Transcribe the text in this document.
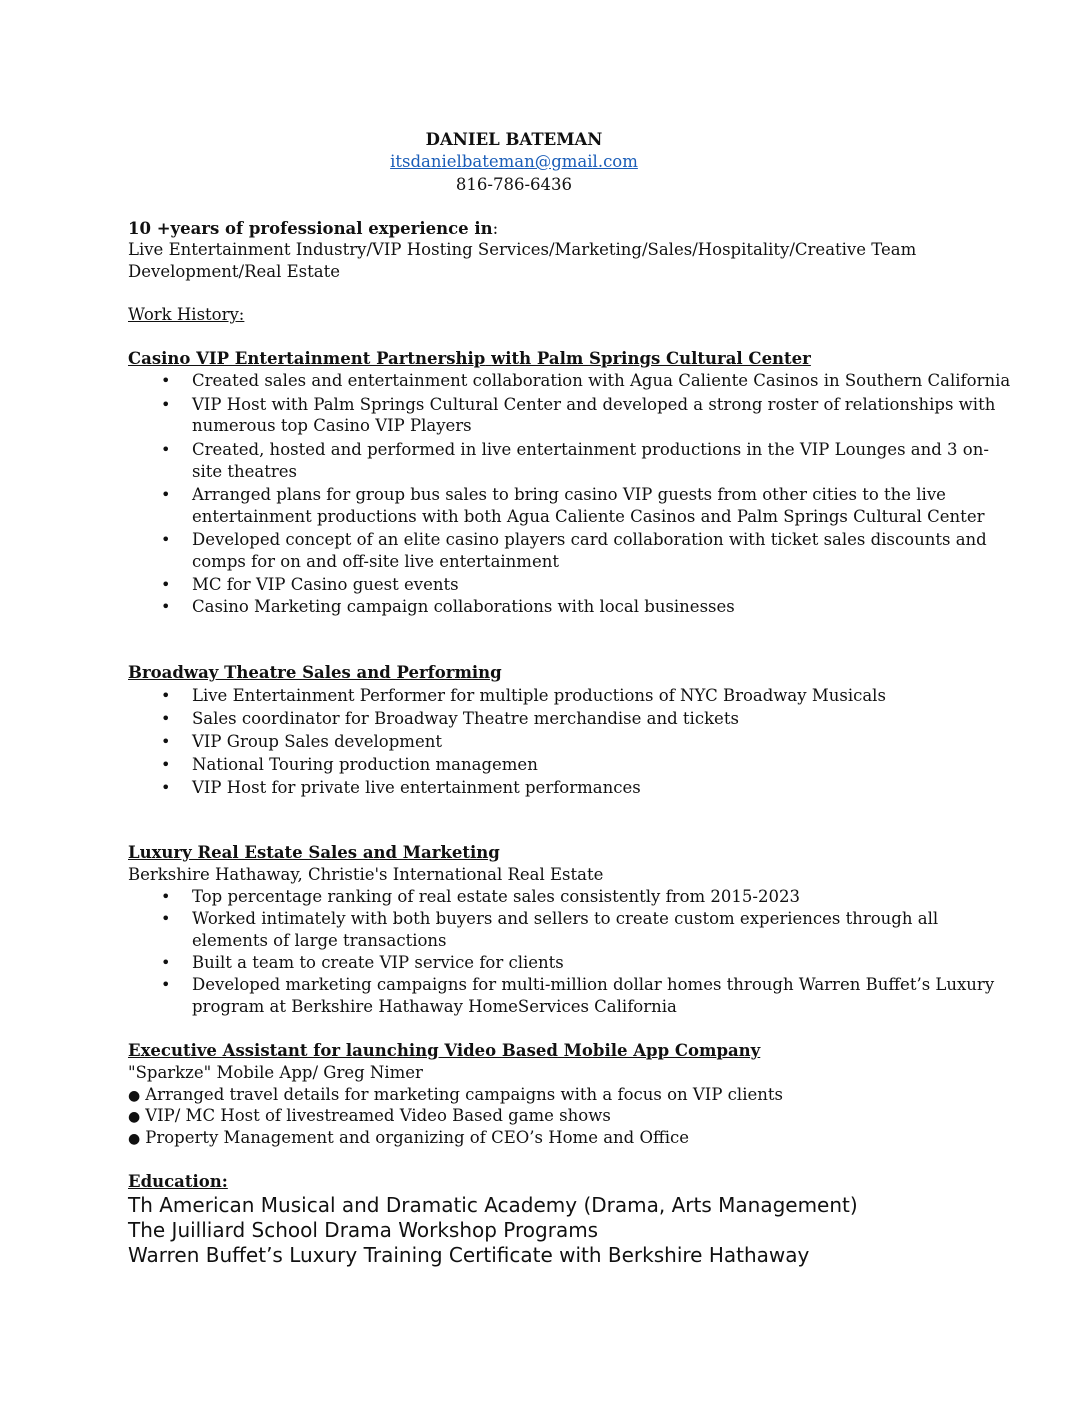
DANIEL BATEMAN
itsdanielbateman@gmail.com
816-786-6436
10 +years of professional experience in:
Live Entertainment Industry/VIP Hosting Services/Marketing/Sales/Hospitality/Creative Team
Development/Real Estate
Work History:
Casino VIP Entertainment Partnership with Palm Springs Cultural Center
• Created sales and entertainment collaboration with Agua Caliente Casinos in Southern California
• VIP Host with Palm Springs Cultural Center and developed a strong roster of relationships with
numerous top Casino VIP Players
• Created, hosted and performed in live entertainment productions in the VIP Lounges and 3 on-
site theatres
• Arranged plans for group bus sales to bring casino VIP guests from other cities to the live
entertainment productions with both Agua Caliente Casinos and Palm Springs Cultural Center
• Developed concept of an elite casino players card collaboration with ticket sales discounts and
comps for on and off-site live entertainment
• MC for VIP Casino guest events
• Casino Marketing campaign collaborations with local businesses
Broadway Theatre Sales and Performing
• Live Entertainment Performer for multiple productions of NYC Broadway Musicals
• Sales coordinator for Broadway Theatre merchandise and tickets
• VIP Group Sales development
• National Touring production managemen
• VIP Host for private live entertainment performances
Luxury Real Estate Sales and Marketing
Berkshire Hathaway, Christie's International Real Estate
• Top percentage ranking of real estate sales consistently from 2015-2023
• Worked intimately with both buyers and sellers to create custom experiences through all
elements of large transactions
• Built a team to create VIP service for clients
• Developed marketing campaigns for multi-million dollar homes through Warren Buffet’s Luxury
program at Berkshire Hathaway HomeServices California
Executive Assistant for launching Video Based Mobile App Company
"Sparkze" Mobile App/ Greg Nimer
● Arranged travel details for marketing campaigns with a focus on VIP clients
● VIP/ MC Host of livestreamed Video Based game shows
● Property Management and organizing of CEO’s Home and Office
Education:
Th American Musical and Dramatic Academy (Drama, Arts Management)
The Juilliard School Drama Workshop Programs
Warren Buffet’s Luxury Training Certificate with Berkshire Hathaway
